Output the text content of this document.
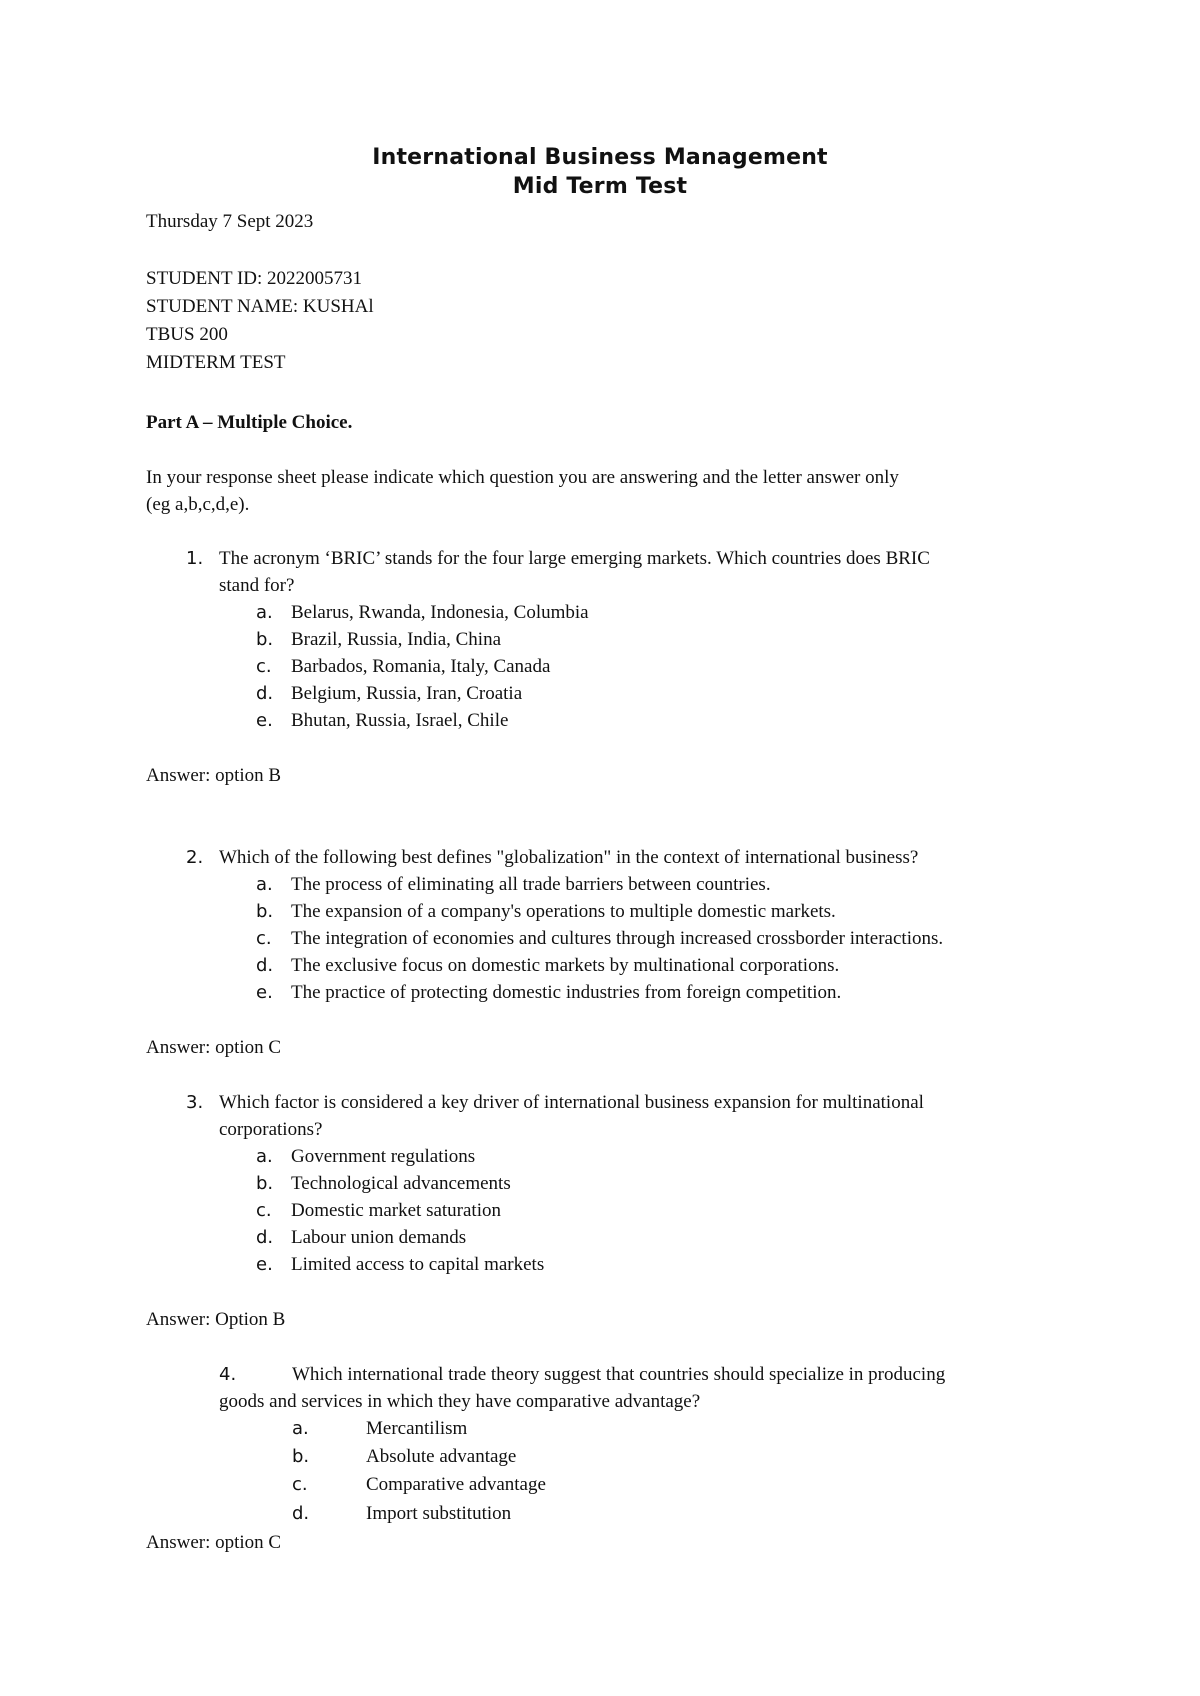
International Business Management
Mid Term Test
Thursday 7 Sept 2023
STUDENT ID: 2022005731
STUDENT NAME: KUSHAl
TBUS 200
MIDTERM TEST
Part A – Multiple Choice.
In your response sheet please indicate which question you are answering and the letter answer only
(eg a,b,c,d,e).
1. The acronym ‘BRIC’ stands for the four large emerging markets. Which countries does BRIC
stand for?
a. Belarus, Rwanda, Indonesia, Columbia
b. Brazil, Russia, India, China
c. Barbados, Romania, Italy, Canada
d. Belgium, Russia, Iran, Croatia
e. Bhutan, Russia, Israel, Chile
Answer: option B
2. Which of the following best defines "globalization" in the context of international business?
a. The process of eliminating all trade barriers between countries.
b. The expansion of a company's operations to multiple domestic markets.
c. The integration of economies and cultures through increased crossborder interactions.
d. The exclusive focus on domestic markets by multinational corporations.
e. The practice of protecting domestic industries from foreign competition.
Answer: option C
3. Which factor is considered a key driver of international business expansion for multinational
corporations?
a. Government regulations
b. Technological advancements
c. Domestic market saturation
d. Labour union demands
e. Limited access to capital markets
Answer: Option B
4.	Which international trade theory suggest that countries should specialize in producing
goods and services in which they have comparative advantage?
a.	Mercantilism
b.	Absolute advantage
c.	Comparative advantage
d.	Import substitution
Answer: option C
